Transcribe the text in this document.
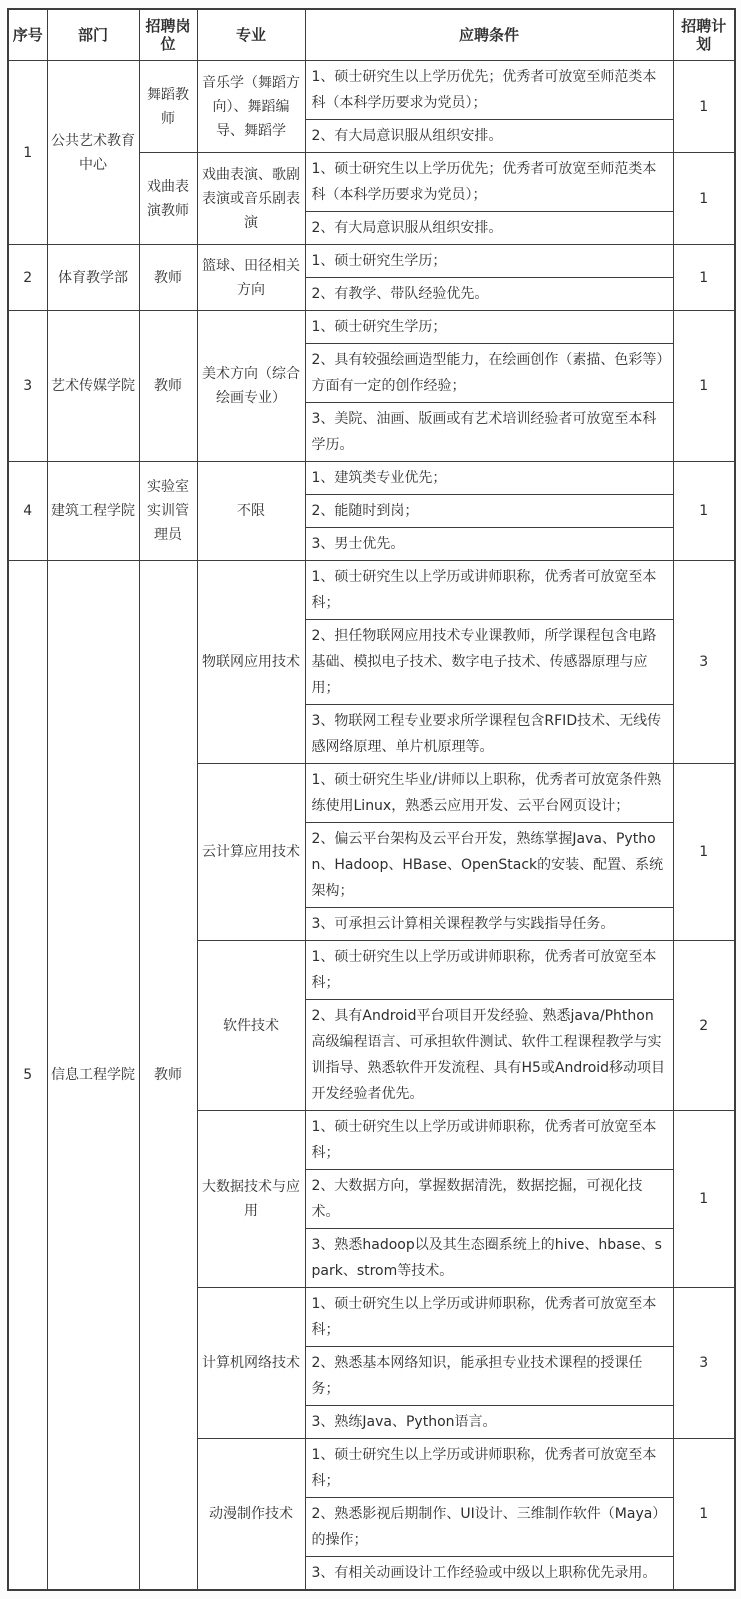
序号	部门	招聘岗位	专业	应聘条件	招聘计划
1	公共艺术教育中心	舞蹈教师	音乐学（舞蹈方向）、舞蹈编导、舞蹈学	1、硕士研究生以上学历优先；优秀者可放宽至师范类本科（本科学历要求为党员）；	1
				2、有大局意识服从组织安排。	
		戏曲表演教师	戏曲表演、歌剧表演或音乐剧表演	1、硕士研究生以上学历优先；优秀者可放宽至师范类本科（本科学历要求为党员）；	1
				2、有大局意识服从组织安排。	
2	体育教学部	教师	篮球、田径相关方向	1、硕士研究生学历；	1
				2、有教学、带队经验优先。	
3	艺术传媒学院	教师	美术方向（综合绘画专业）	1、硕士研究生学历；	1
				2、具有较强绘画造型能力，在绘画创作（素描、色彩等）方面有一定的创作经验；	
				3、美院、油画、版画或有艺术培训经验者可放宽至本科学历。	
4	建筑工程学院	实验室实训管理员	不限	1、建筑类专业优先；	1
				2、能随时到岗；	
				3、男士优先。	
5	信息工程学院	教师	物联网应用技术	1、硕士研究生以上学历或讲师职称，优秀者可放宽至本科；	3
				2、担任物联网应用技术专业课教师，所学课程包含电路基础、模拟电子技术、数字电子技术、传感器原理与应用；	
				3、物联网工程专业要求所学课程包含RFID技术、无线传感网络原理、单片机原理等。	
			云计算应用技术	1、硕士研究生毕业/讲师以上职称，优秀者可放宽条件熟练使用Linux，熟悉云应用开发、云平台网页设计；	1
				2、偏云平台架构及云平台开发，熟练掌握Java、Python、Hadoop、HBase、OpenStack的安装、配置、系统架构；	
				3、可承担云计算相关课程教学与实践指导任务。	
			软件技术	1、硕士研究生以上学历或讲师职称，优秀者可放宽至本科；	2
				2、具有Android平台项目开发经验、熟悉java/Phthon高级编程语言、可承担软件测试、软件工程课程教学与实训指导、熟悉软件开发流程、具有H5或Android移动项目开发经验者优先。	
			大数据技术与应用	1、硕士研究生以上学历或讲师职称，优秀者可放宽至本科；	1
				2、大数据方向，掌握数据清洗，数据挖掘，可视化技术。	
				3、熟悉hadoop以及其生态圈系统上的hive、hbase、spark、strom等技术。	
			计算机网络技术	1、硕士研究生以上学历或讲师职称，优秀者可放宽至本科；	3
				2、熟悉基本网络知识，能承担专业技术课程的授课任务；	
				3、熟练Java、Python语言。	
			动漫制作技术	1、硕士研究生以上学历或讲师职称，优秀者可放宽至本科；	1
				2、熟悉影视后期制作、UI设计、三维制作软件（Maya）的操作；	
				3、有相关动画设计工作经验或中级以上职称优先录用。	
